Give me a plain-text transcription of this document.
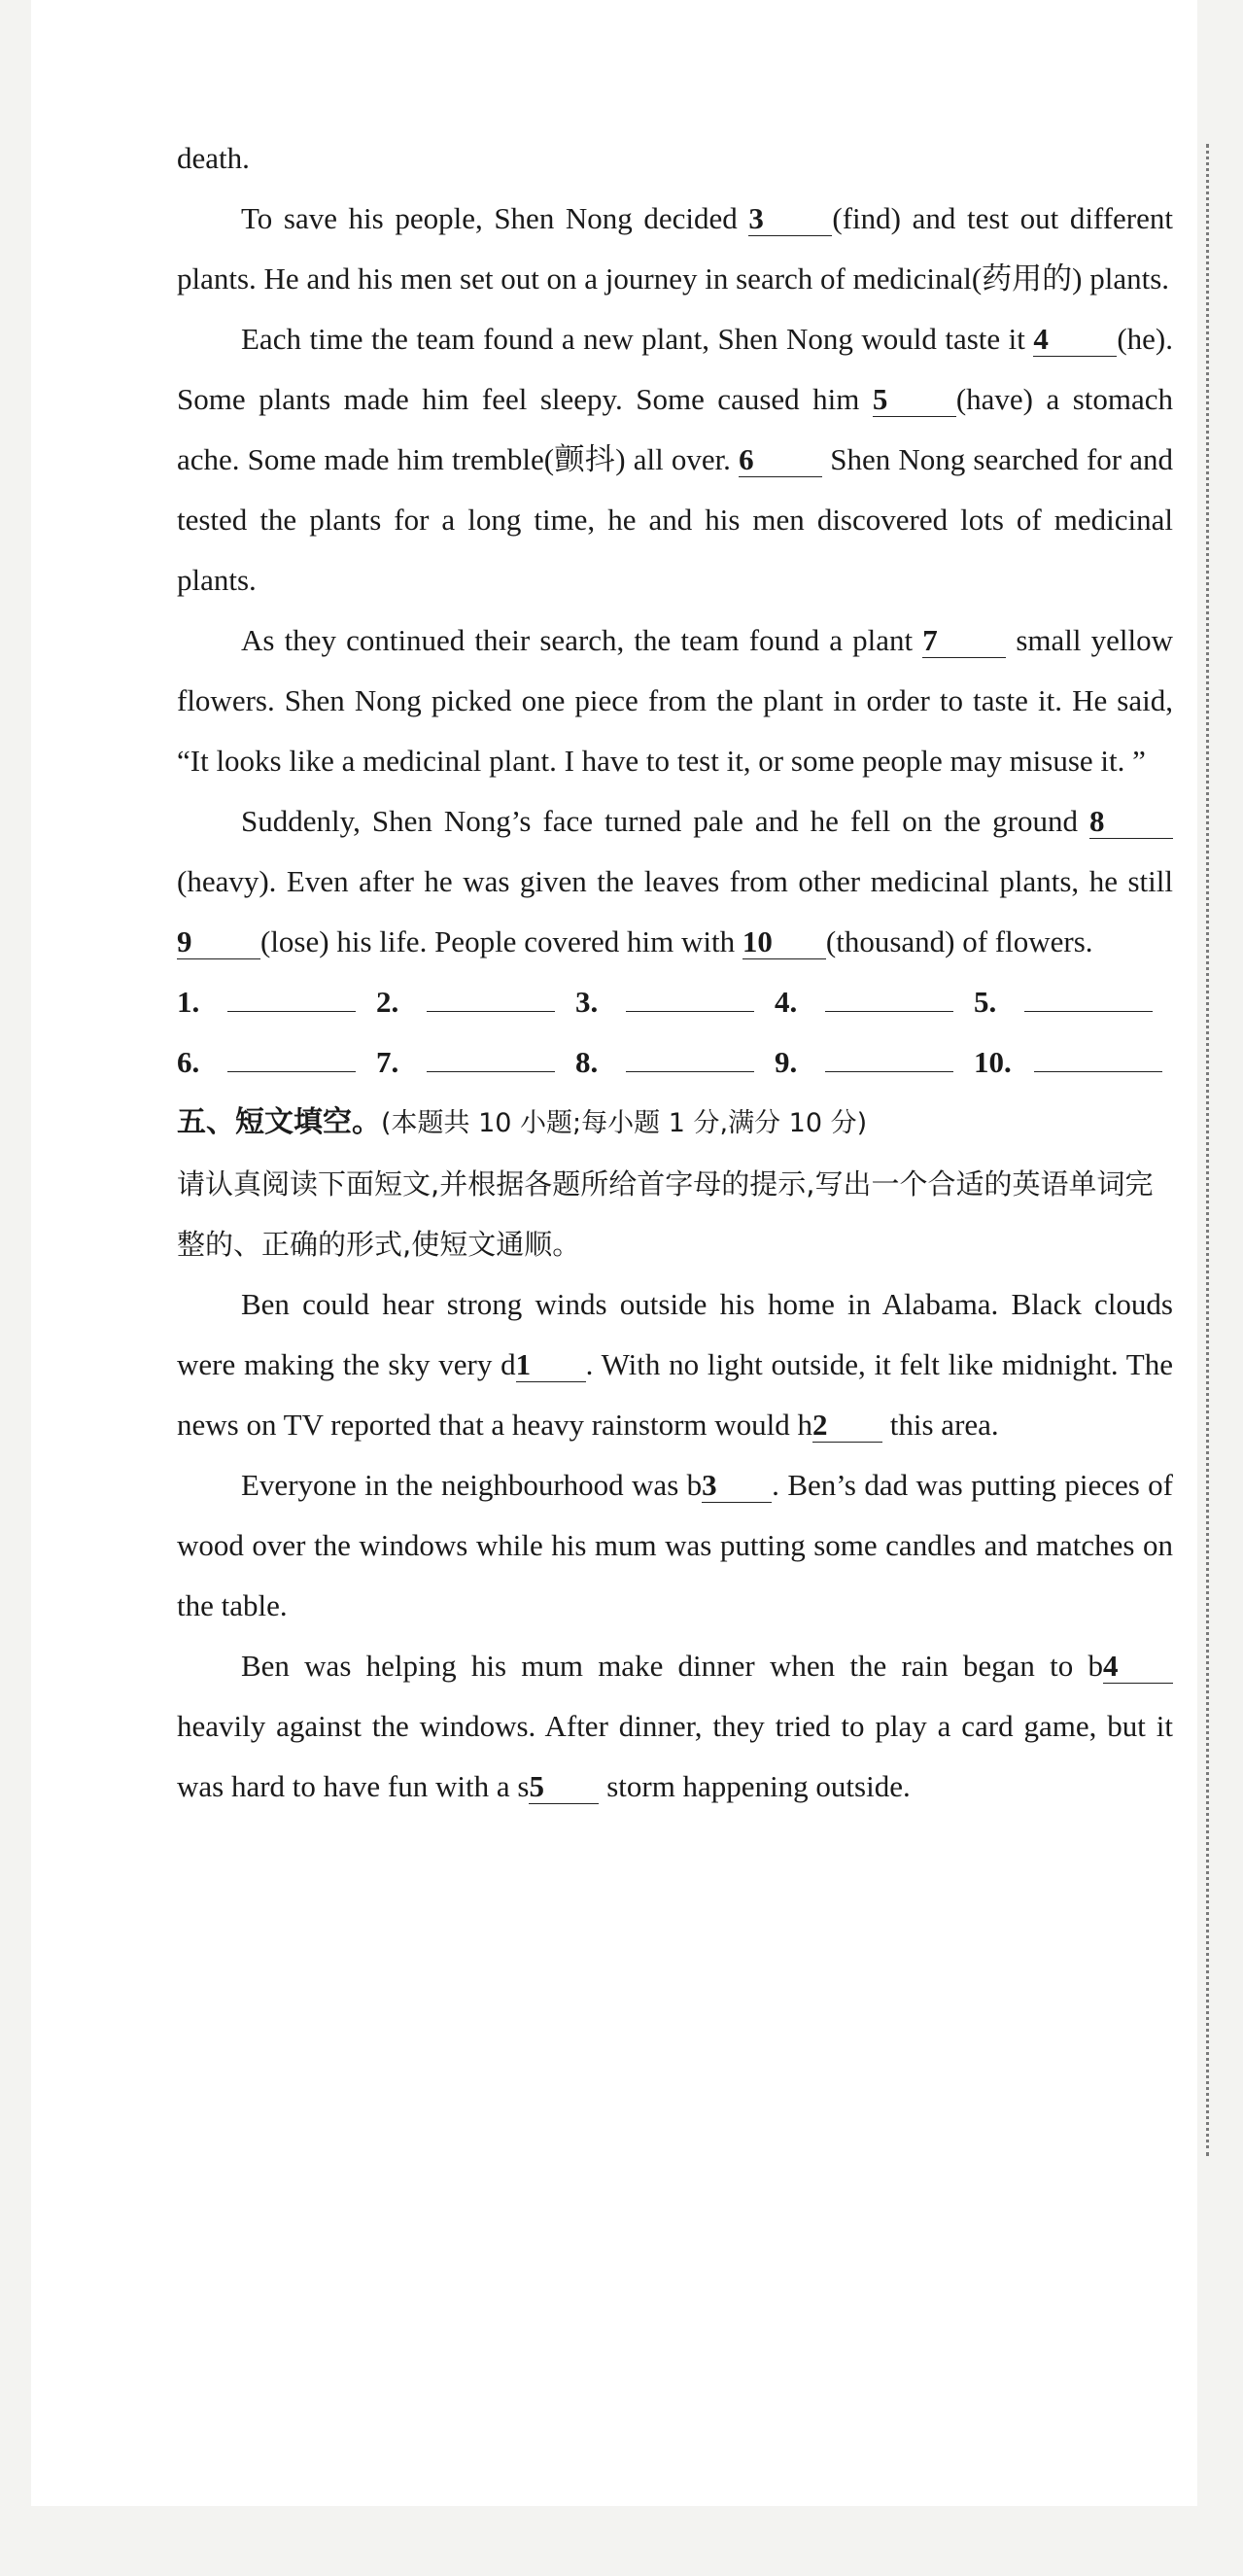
death.

To save his people, Shen Nong decided 3 (find) and test out different plants. He and his men set out on a journey in search of medicinal(药用的) plants.

Each time the team found a new plant, Shen Nong would taste it 4 (he). Some plants made him feel sleepy. Some caused him 5 (have) a stomach ache. Some made him tremble(颤抖) all over. 6 Shen Nong searched for and tested the plants for a long time, he and his men discovered lots of medicinal plants.

As they continued their search, the team found a plant 7 small yellow flowers. Shen Nong picked one piece from the plant in order to taste it. He said, “It looks like a medicinal plant. I have to test it, or some people may misuse it. ”

Suddenly, Shen Nong’s face turned pale and he fell on the ground 8(heavy). Even after he was given the leaves from other medicinal plants, he still 9 (lose) his life. People covered him with 10 (thousand) of flowers.

1.	2.	3.	4.	5.
6.	7.	8.	9.	10.

五、短文填空。(本题共 10 小题;每小题 1 分,满分 10 分)

请认真阅读下面短文,并根据各题所给首字母的提示,写出一个合适的英语单词完整的、正确的形式,使短文通顺。

Ben could hear strong winds outside his home in Alabama. Black clouds were making the sky very d1 . With no light outside, it felt like midnight. The news on TV reported that a heavy rainstorm would h2 this area.

Everyone in the neighbourhood was b3 . Ben’s dad was putting pieces of wood over the windows while his mum was putting some candles and matches on the table.

Ben was helping his mum make dinner when the rain began to b4 heavily against the windows. After dinner, they tried to play a card game, but it was hard to have fun with a s5 storm happening outside.
